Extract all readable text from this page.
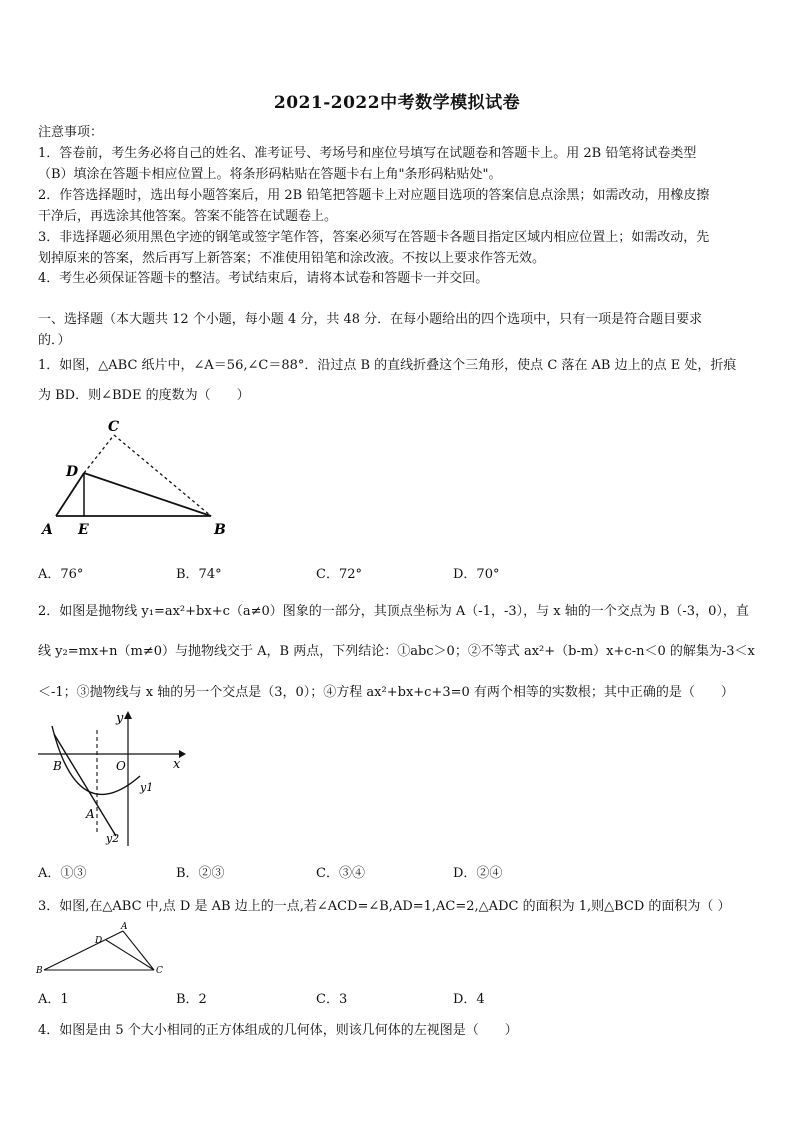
2021-2022中考数学模拟试卷
注意事项：
1．答卷前，考生务必将自己的姓名、准考证号、考场号和座位号填写在试题卷和答题卡上。用 2B 铅笔将试卷类型
（B）填涂在答题卡相应位置上。将条形码粘贴在答题卡右上角"条形码粘贴处"。
2．作答选择题时，选出每小题答案后，用 2B 铅笔把答题卡上对应题目选项的答案信息点涂黑；如需改动，用橡皮擦
干净后，再选涂其他答案。答案不能答在试题卷上。
3．非选择题必须用黑色字迹的钢笔或签字笔作答，答案必须写在答题卡各题目指定区域内相应位置上；如需改动，先
划掉原来的答案，然后再写上新答案；不准使用铅笔和涂改液。不按以上要求作答无效。
4．考生必须保证答题卡的整洁。考试结束后，请将本试卷和答题卡一并交回。
一、选择题（本大题共 12 个小题，每小题 4 分，共 48 分．在每小题给出的四个选项中，只有一项是符合题目要求
的．）
1．如图，△ABC 纸片中，∠A＝56,∠C＝88°．沿过点 B 的直线折叠这个三角形，使点 C 落在 AB 边上的点 E 处，折痕
为 BD．则∠BDE 的度数为（　　）
C
D
A E	B
A．76°	B．74°	C．72°	D．70°
2．如图是抛物线 y₁=ax²+bx+c（a≠0）图象的一部分，其顶点坐标为 A（-1，-3），与 x 轴的一个交点为 B（-3，0），直
线 y₂=mx+n（m≠0）与抛物线交于 A，B 两点，下列结论：①abc＞0；②不等式 ax²+（b-m）x+c-n＜0 的解集为-3＜x
＜-1；③抛物线与 x 轴的另一个交点是（3，0）；④方程 ax²+bx+c+3=0 有两个相等的实数根；其中正确的是（　　）
y
x
B	O
A
y1
y2
A．①③	B．②③	C．③④	D．②④
3．如图,在△ABC 中,点 D 是 AB 边上的一点,若∠ACD=∠B,AD=1,AC=2,△ADC 的面积为 1,则△BCD 的面积为（ ）
A
D
B	C
A．1	B．2	C．3	D．4
4．如图是由 5 个大小相同的正方体组成的几何体，则该几何体的左视图是（　　）
